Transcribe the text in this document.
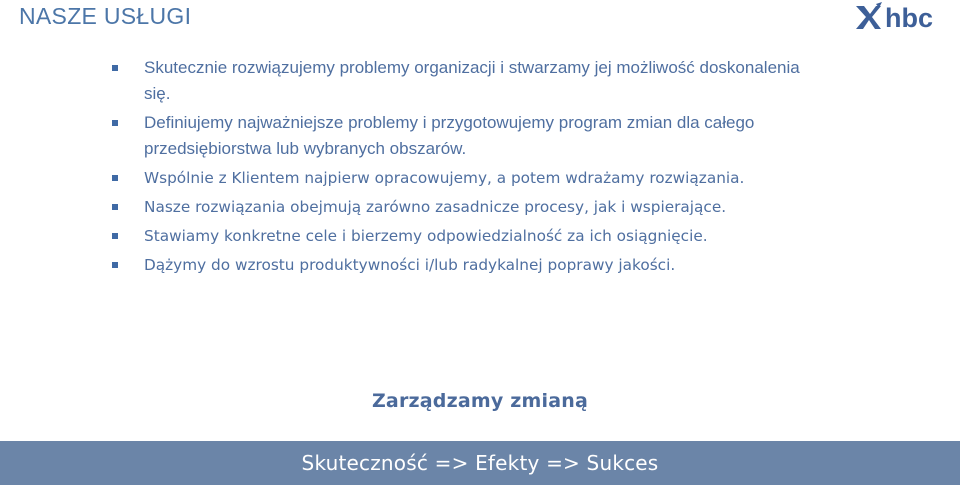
NASZE USŁUGI	hbc
Skutecznie rozwiązujemy problemy organizacji i stwarzamy jej możliwość doskonalenia się.
Definiujemy najważniejsze problemy i przygotowujemy program zmian dla całego przedsiębiorstwa lub wybranych obszarów.
Wspólnie z Klientem najpierw opracowujemy, a potem wdrażamy rozwiązania.
Nasze rozwiązania obejmują zarówno zasadnicze procesy, jak i wspierające.
Stawiamy konkretne cele i bierzemy odpowiedzialność za ich osiągnięcie.
Dążymy do wzrostu produktywności i/lub radykalnej poprawy jakości.
Zarządzamy zmianą
Skuteczność => Efekty => Sukces
